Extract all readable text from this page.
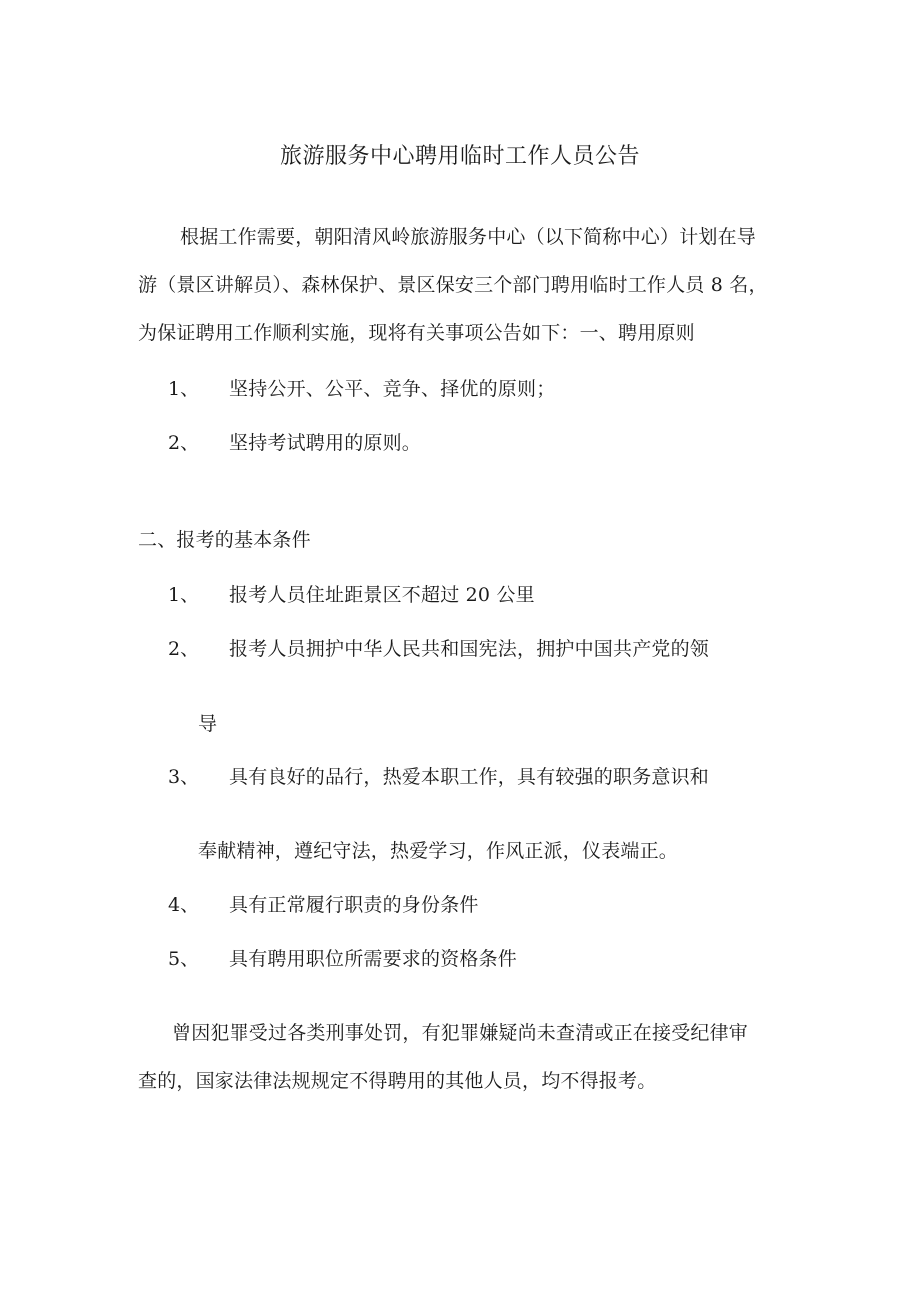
旅游服务中心聘用临时工作人员公告
根据工作需要，朝阳清风岭旅游服务中心（以下简称中心）计划在导
游（景区讲解员）、森林保护、景区保安三个部门聘用临时工作人员 8 名，
为保证聘用工作顺利实施，现将有关事项公告如下：一、聘用原则
1、 坚持公开、公平、竞争、择优的原则；
2、 坚持考试聘用的原则。
二、报考的基本条件
1、 报考人员住址距景区不超过 20 公里
2、 报考人员拥护中华人民共和国宪法，拥护中国共产党的领
导
3、 具有良好的品行，热爱本职工作，具有较强的职务意识和
奉献精神，遵纪守法，热爱学习，作风正派，仪表端正。
4、 具有正常履行职责的身份条件
5、 具有聘用职位所需要求的资格条件
曾因犯罪受过各类刑事处罚，有犯罪嫌疑尚未查清或正在接受纪律审
查的，国家法律法规规定不得聘用的其他人员，均不得报考。
